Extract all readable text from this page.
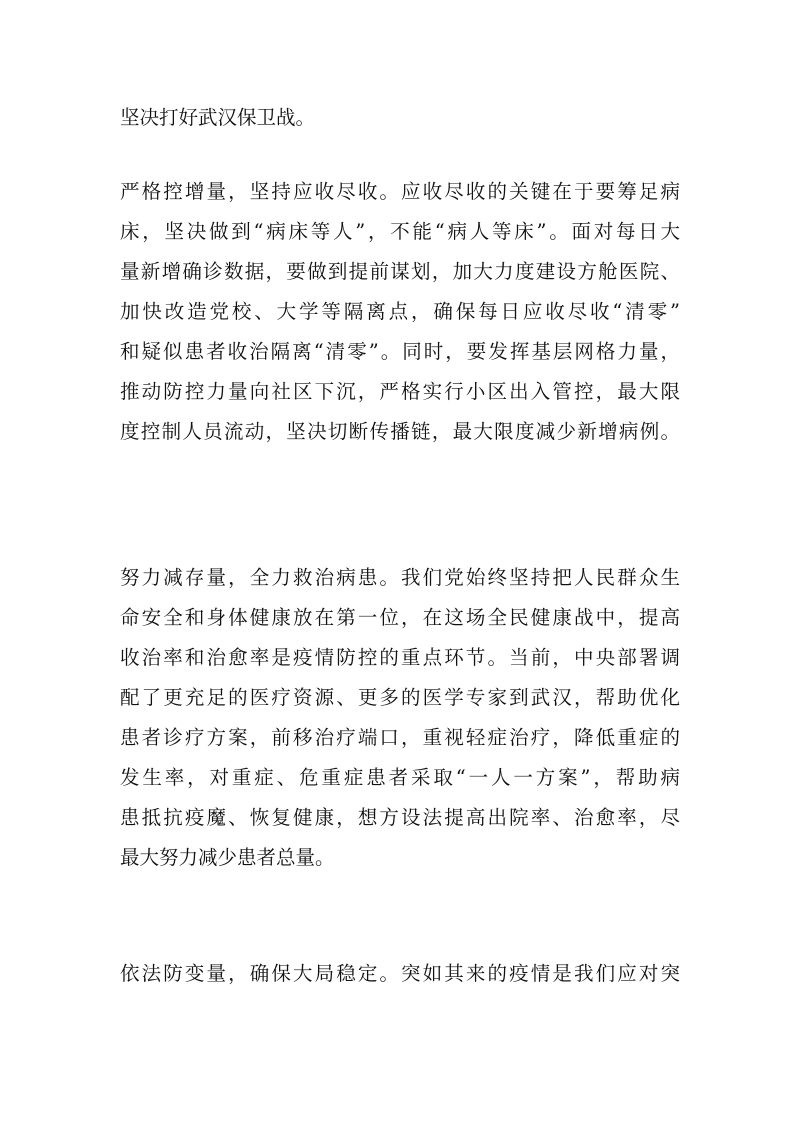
坚决打好武汉保卫战。
严格控增量，坚持应收尽收。应收尽收的关键在于要筹足病
床，坚决做到“病床等人”，不能“病人等床”。面对每日大
量新增确诊数据，要做到提前谋划，加大力度建设方舱医院、
加快改造党校、大学等隔离点，确保每日应收尽收“清零”
和疑似患者收治隔离“清零”。同时，要发挥基层网格力量，
推动防控力量向社区下沉，严格实行小区出入管控，最大限
度控制人员流动，坚决切断传播链，最大限度减少新增病例。
努力减存量，全力救治病患。我们党始终坚持把人民群众生
命安全和身体健康放在第一位，在这场全民健康战中，提高
收治率和治愈率是疫情防控的重点环节。当前，中央部署调
配了更充足的医疗资源、更多的医学专家到武汉，帮助优化
患者诊疗方案，前移治疗端口，重视轻症治疗，降低重症的
发生率，对重症、危重症患者采取“一人一方案”，帮助病
患抵抗疫魔、恢复健康，想方设法提高出院率、治愈率，尽
最大努力减少患者总量。
依法防变量，确保大局稳定。突如其来的疫情是我们应对突
